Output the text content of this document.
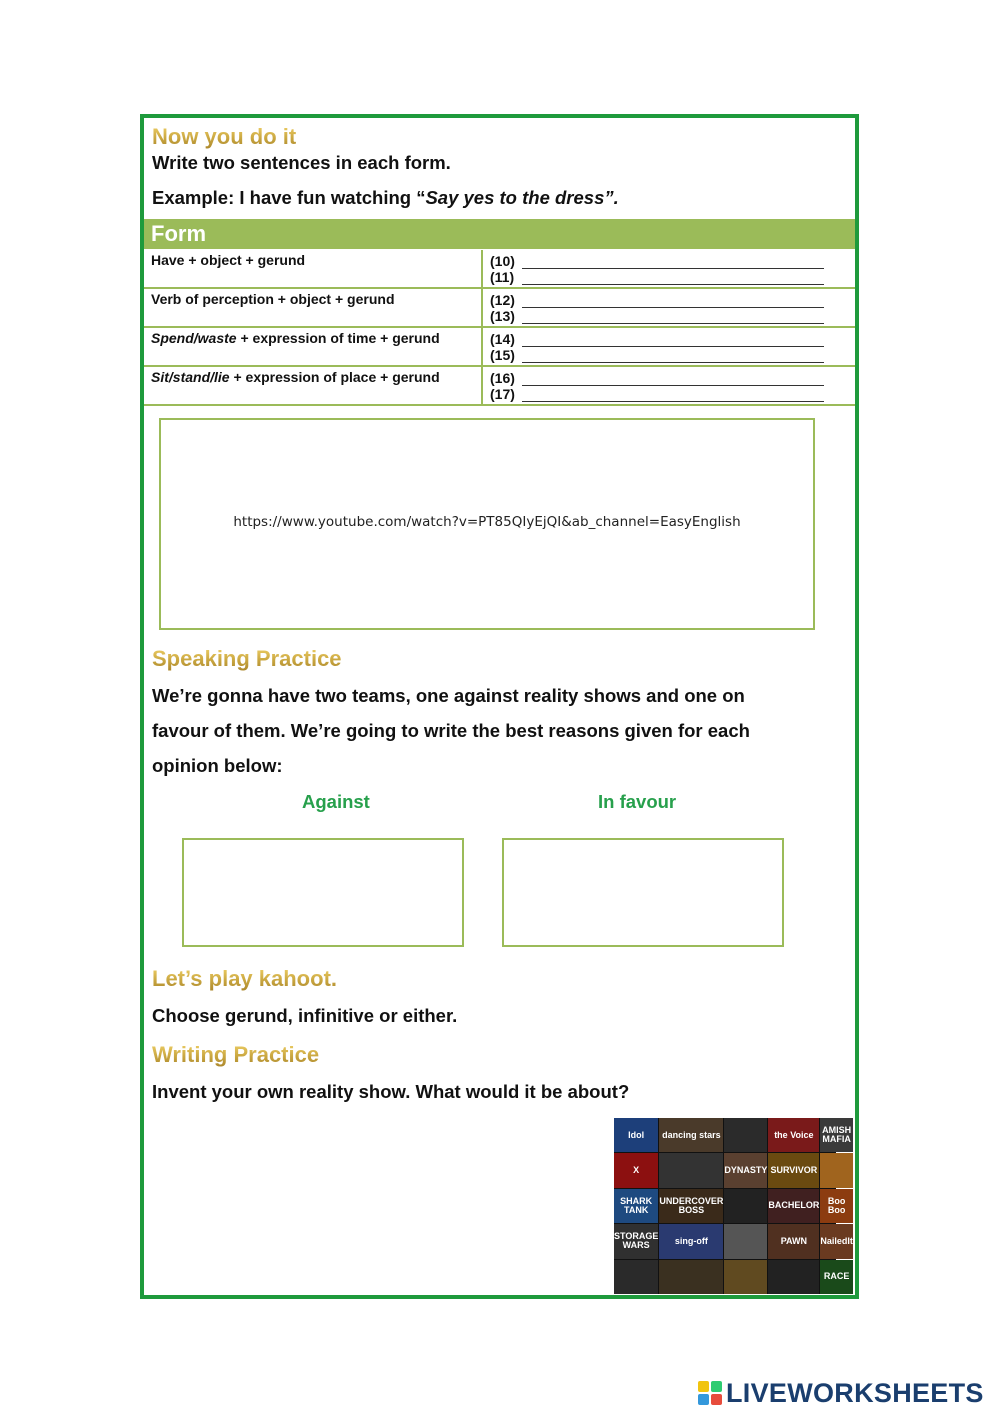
Now you do it
Write two sentences in each form.
Example: I have fun watching “Say yes to the dress”.
Form
Have + object + gerund	(10)
(11)

Verb of perception + object + gerund	(12)
(13)

Spend/waste + expression of time + gerund	(14)
(15)

Sit/stand/lie + expression of place + gerund	(16)
(17)
https://www.youtube.com/watch?v=PT85QIyEjQI&ab_channel=EasyEnglish
Speaking Practice
We’re gonna have two teams, one against reality shows and one on
favour of them. We’re going to write the best reasons given for each
opinion below:
Against	In favour
Let’s play kahoot.
Choose gerund, infinitive or either.
Writing Practice
Invent your own reality show. What would it be about?
Idol	dancing stars	the Voice AMISH MAFIA
X	DYNASTY SURVIVOR
SHARK TANK
UNDERCOVER BOSS	BACHELOR Boo Boo
STORAGE WARS	sing-off	PAWN	NailedIt
RACE
LIVEWORKSHEETS
